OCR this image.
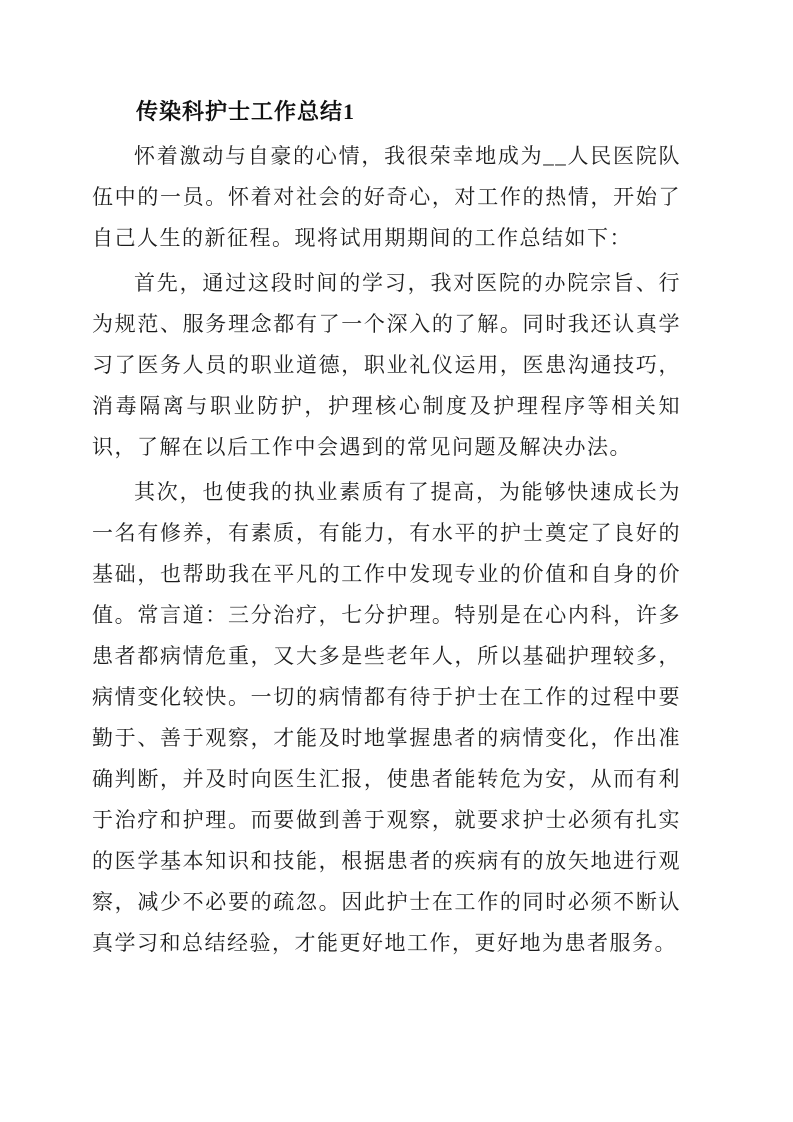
传染科护士工作总结1

怀着激动与自豪的心情，我很荣幸地成为__人民医院队伍中的一员。怀着对社会的好奇心，对工作的热情，开始了自己人生的新征程。现将试用期期间的工作总结如下：

首先，通过这段时间的学习，我对医院的办院宗旨、行为规范、服务理念都有了一个深入的了解。同时我还认真学习了医务人员的职业道德，职业礼仪运用，医患沟通技巧，消毒隔离与职业防护，护理核心制度及护理程序等相关知识，了解在以后工作中会遇到的常见问题及解决办法。

其次，也使我的执业素质有了提高，为能够快速成长为一名有修养，有素质，有能力，有水平的护士奠定了良好的基础，也帮助我在平凡的工作中发现专业的价值和自身的价值。常言道：三分治疗，七分护理。特别是在心内科，许多患者都病情危重，又大多是些老年人，所以基础护理较多，病情变化较快。一切的病情都有待于护士在工作的过程中要勤于、善于观察，才能及时地掌握患者的病情变化，作出准确判断，并及时向医生汇报，使患者能转危为安，从而有利于治疗和护理。而要做到善于观察，就要求护士必须有扎实的医学基本知识和技能，根据患者的疾病有的放矢地进行观察，减少不必要的疏忽。因此护士在工作的同时必须不断认真学习和总结经验，才能更好地工作，更好地为患者服务。
